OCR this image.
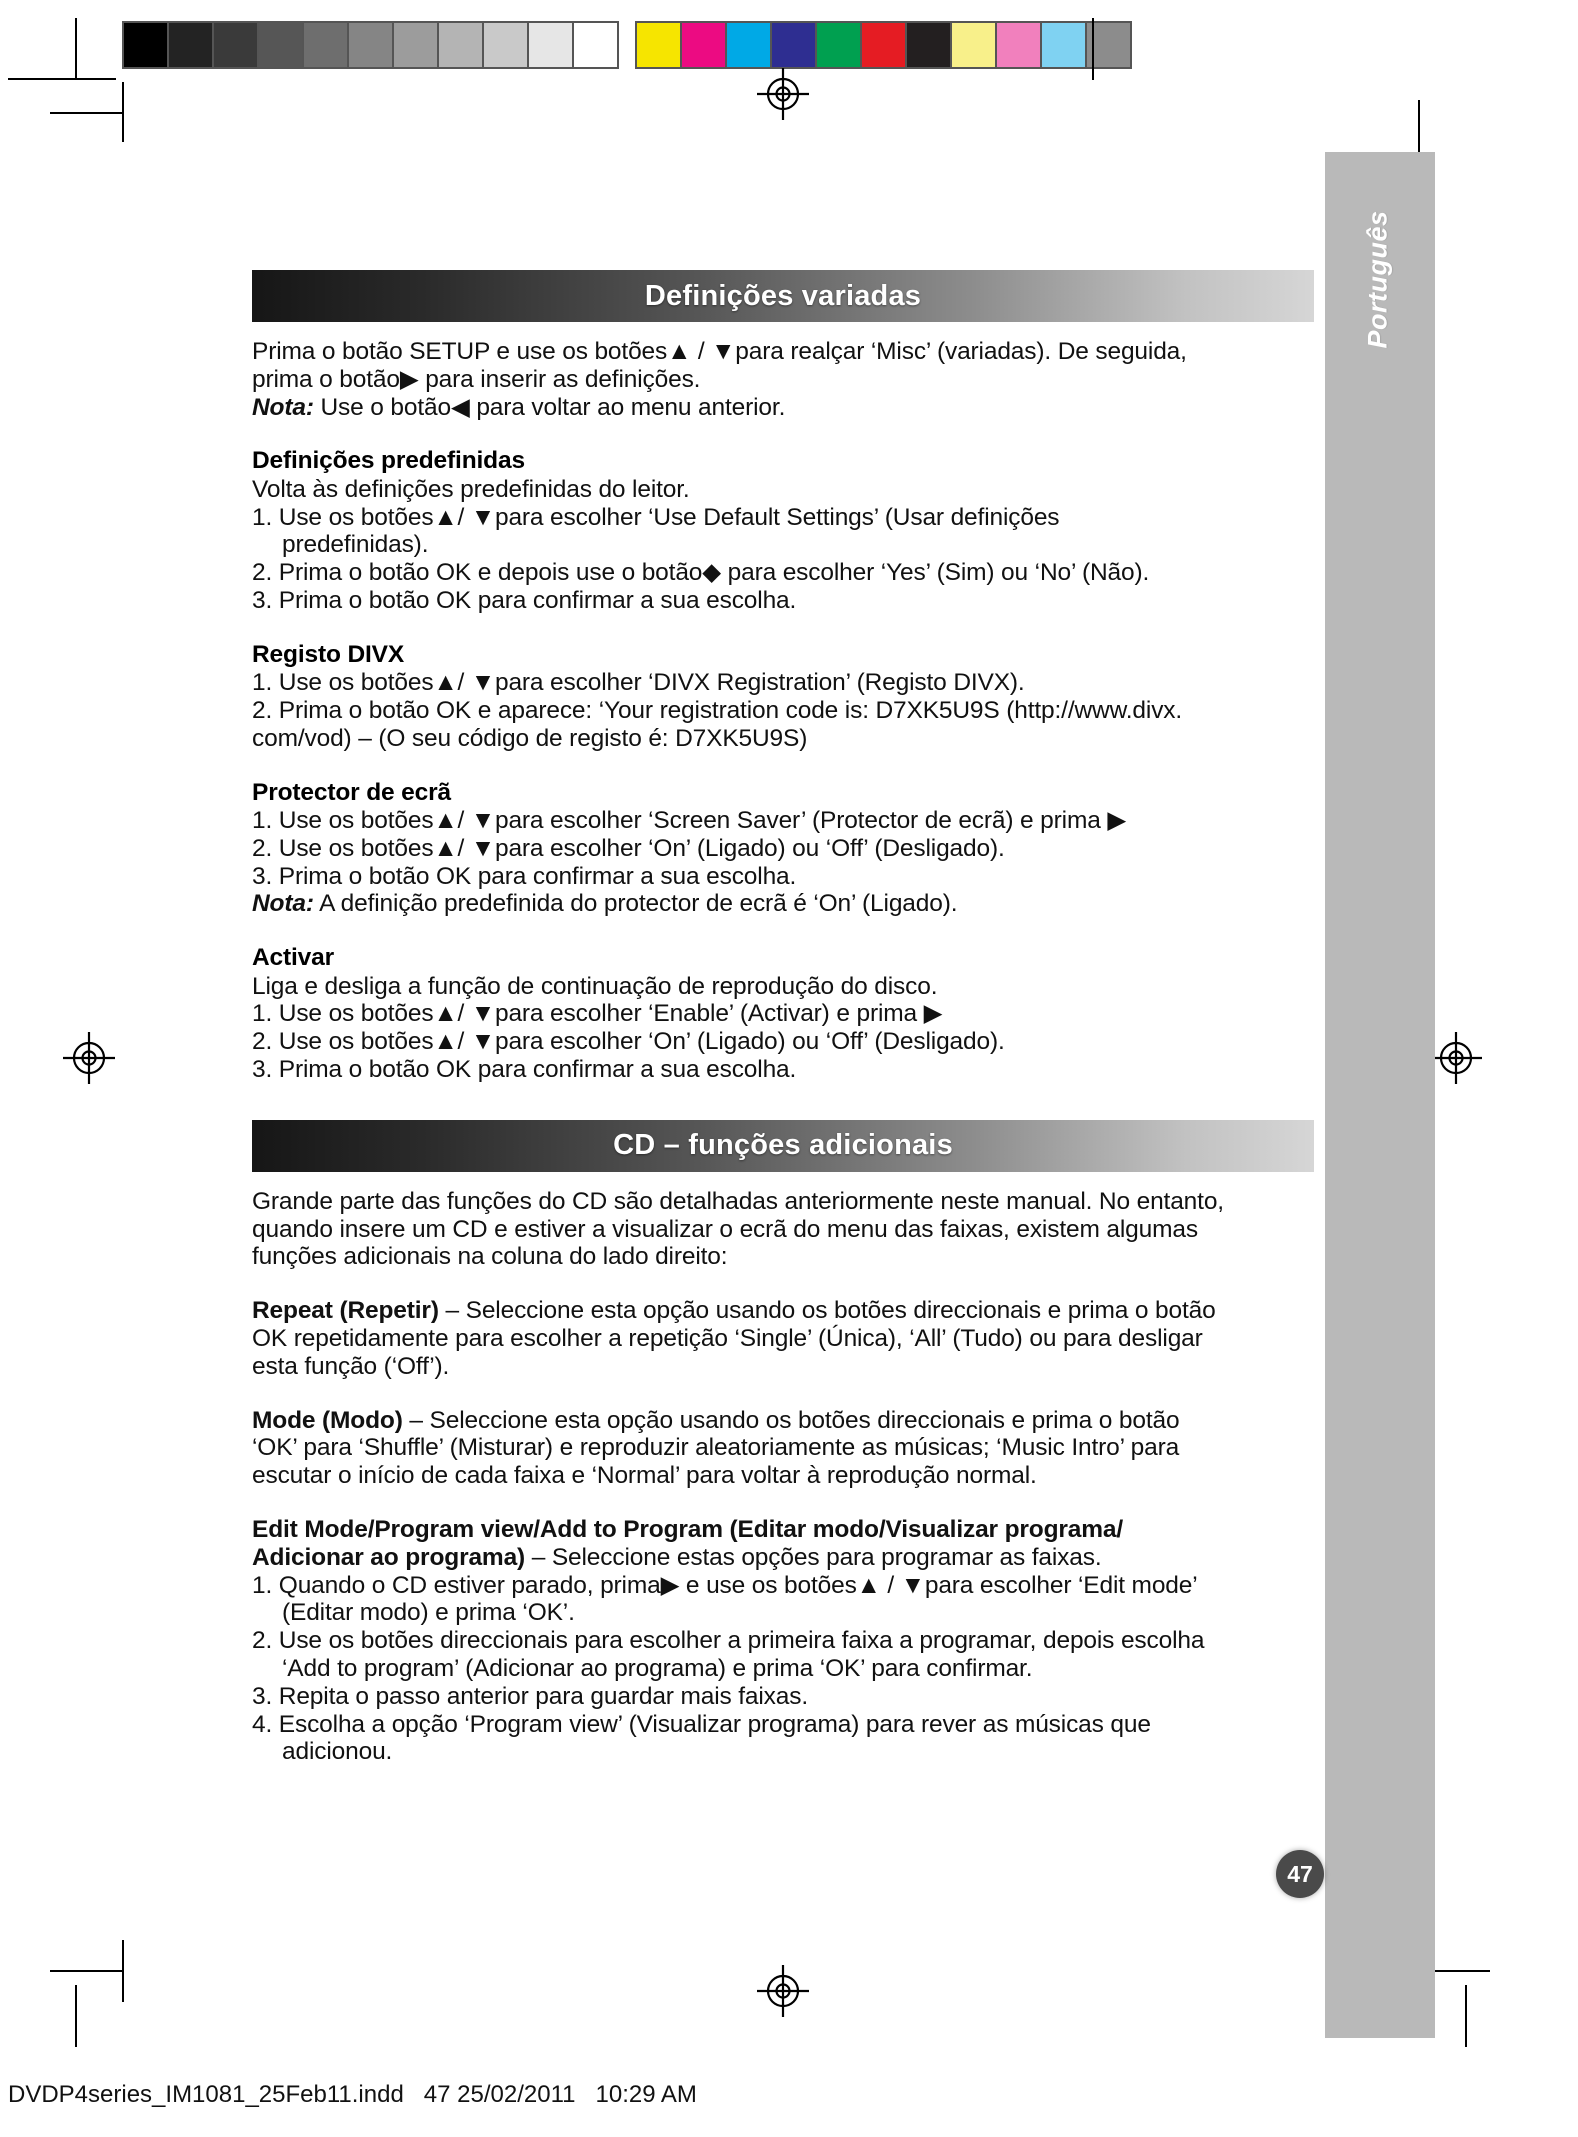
Português
47
Definições variadas

Prima o botão SETUP e use os botões▲ / ▼para realçar ‘Misc’ (variadas). De seguida,

prima o botão▶ para inserir as definições.

Nota: Use o botão◀ para voltar ao menu anterior.

Definições predefinidas

Volta às definições predefinidas do leitor.

1. Use os botões▲/ ▼para escolher ‘Use Default Settings’ (Usar definições

predefinidas).

2. Prima o botão OK e depois use o botão◆ para escolher ‘Yes’ (Sim) ou ‘No’ (Não).

3. Prima o botão OK para confirmar a sua escolha.

Registo DIVX

1. Use os botões▲/ ▼para escolher ‘DIVX Registration’ (Registo DIVX).

2. Prima o botão OK e aparece: ‘Your registration code is: D7XK5U9S (http://www.divx.

com/vod) – (O seu código de registo é: D7XK5U9S)

Protector de ecrã

1. Use os botões▲/ ▼para escolher ‘Screen Saver’ (Protector de ecrã) e prima ▶

2. Use os botões▲/ ▼para escolher ‘On’ (Ligado) ou ‘Off’ (Desligado).

3. Prima o botão OK para confirmar a sua escolha.

Nota: A definição predefinida do protector de ecrã é ‘On’ (Ligado).

Activar

Liga e desliga a função de continuação de reprodução do disco.

1. Use os botões▲/ ▼para escolher ‘Enable’ (Activar) e prima ▶

2. Use os botões▲/ ▼para escolher ‘On’ (Ligado) ou ‘Off’ (Desligado).

3. Prima o botão OK para confirmar a sua escolha.

CD – funções adicionais

Grande parte das funções do CD são detalhadas anteriormente neste manual. No entanto,

quando insere um CD e estiver a visualizar o ecrã do menu das faixas, existem algumas

funções adicionais na coluna do lado direito:

Repeat (Repetir) – Seleccione esta opção usando os botões direccionais e prima o botão

OK repetidamente para escolher a repetição ‘Single’ (Única), ‘All’ (Tudo) ou para desligar

esta função (‘Off’).

Mode (Modo) – Seleccione esta opção usando os botões direccionais e prima o botão

‘OK’ para ‘Shuffle’ (Misturar) e reproduzir aleatoriamente as músicas; ‘Music Intro’ para

escutar o início de cada faixa e ‘Normal’ para voltar à reprodução normal.

Edit Mode/Program view/Add to Program (Editar modo/Visualizar programa/

Adicionar ao programa) – Seleccione estas opções para programar as faixas.

1. Quando o CD estiver parado, prima▶ e use os botões▲ / ▼para escolher ‘Edit mode’

(Editar modo) e prima ‘OK’.

2. Use os botões direccionais para escolher a primeira faixa a programar, depois escolha

‘Add to program’ (Adicionar ao programa) e prima ‘OK’ para confirmar.

3. Repita o passo anterior para guardar mais faixas.

4. Escolha a opção ‘Program view’ (Visualizar programa) para rever as músicas que

adicionou.

DVDP4series_IM1081_25Feb11.indd   47 25/02/2011   10:29 AM
